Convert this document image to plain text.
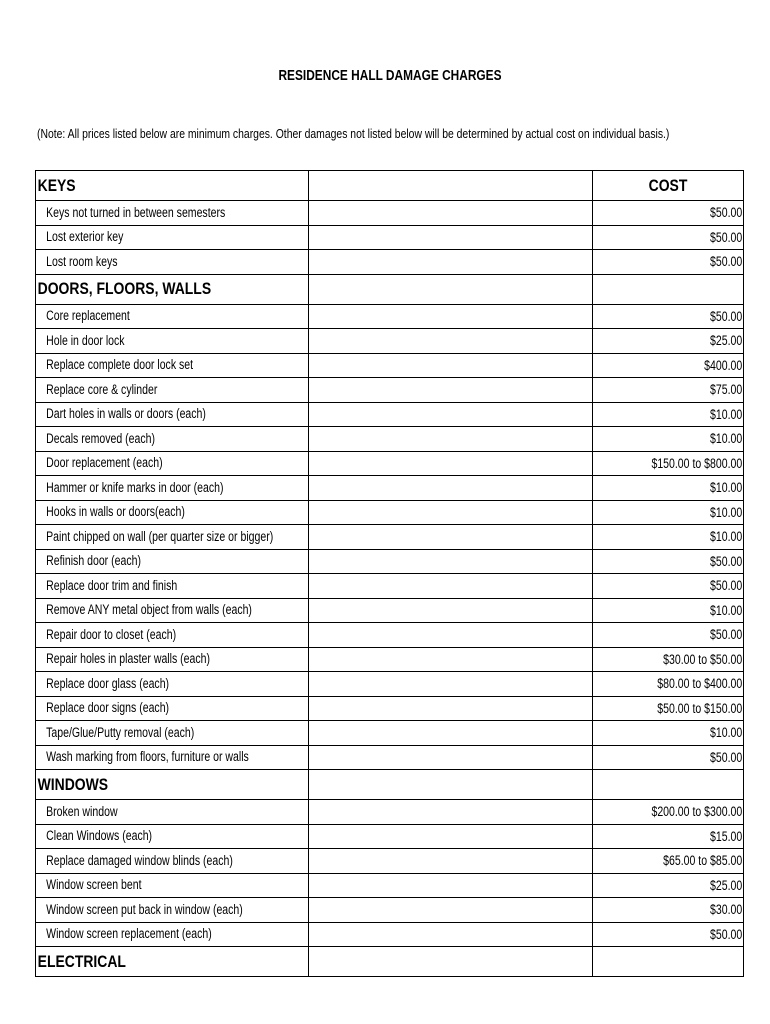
RESIDENCE HALL DAMAGE CHARGES
(Note: All prices listed below are minimum charges. Other damages not listed below will be determined by actual cost on individual basis.)
KEYS		COST

Keys not turned in between semesters		$50.00

Lost exterior key		$50.00

Lost room keys		$50.00

DOORS, FLOORS, WALLS		
Core replacement		$50.00

Hole in door lock		$25.00

Replace complete door lock set		$400.00

Replace core & cylinder		$75.00

Dart holes in walls or doors (each)		$10.00

Decals removed (each)		$10.00

Door replacement (each)		$150.00 to $800.00

Hammer or knife marks in door (each)		$10.00

Hooks in walls or doors(each)		$10.00

Paint chipped on wall (per quarter size or bigger)		$10.00

Refinish door (each)		$50.00

Replace door trim and finish		$50.00

Remove ANY metal object from walls (each)		$10.00

Repair door to closet (each)		$50.00

Repair holes in plaster walls (each)		$30.00 to $50.00

Replace door glass (each)		$80.00 to $400.00

Replace door signs (each)		$50.00 to $150.00

Tape/Glue/Putty removal (each)		$10.00

Wash marking from floors, furniture or walls		$50.00

WINDOWS		
Broken window		$200.00 to $300.00

Clean Windows (each)		$15.00

Replace damaged window blinds (each)		$65.00 to $85.00

Window screen bent		$25.00

Window screen put back in window (each)		$30.00

Window screen replacement (each)		$50.00

ELECTRICAL		
